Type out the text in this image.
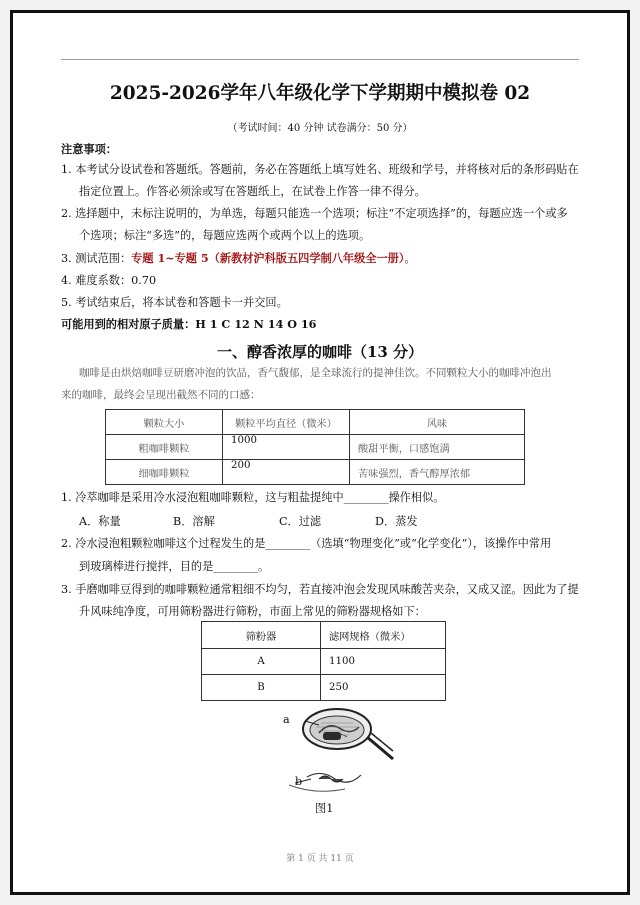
2025-2026学年八年级化学下学期期中模拟卷 02
（考试时间：40 分钟 试卷满分：50 分）
注意事项：
1. 本考试分设试卷和答题纸。答题前，务必在答题纸上填写姓名、班级和学号，并将核对后的条形码贴在
指定位置上。作答必须涂或写在答题纸上，在试卷上作答一律不得分。
2. 选择题中，未标注说明的，为单选，每题只能选一个选项；标注“不定项选择”的，每题应选一个或多
个选项；标注“多选”的，每题应选两个或两个以上的选项。
3. 测试范围：专题 1~专题 5（新教材沪科版五四学制八年级全一册）。
4. 难度系数：0.70
5. 考试结束后，将本试卷和答题卡一并交回。
可能用到的相对原子质量：H 1 C 12 N 14 O 16
一、醇香浓厚的咖啡（13 分）
咖啡是由烘焙咖啡豆研磨冲泡的饮品，香气馥郁，是全球流行的提神佳饮。不同颗粒大小的咖啡冲泡出
来的咖啡，最终会呈现出截然不同的口感：
颗粒大小	颗粒平均直径（微米）	风味
粗咖啡颗粒	1000	酸甜平衡，口感饱满
细咖啡颗粒	200	苦味强烈，香气醇厚浓郁
1. 冷萃咖啡是采用冷水浸泡粗咖啡颗粒，这与粗盐提纯中________操作相似。
A．称量	B．溶解	C．过滤	D．蒸发
2. 冷水浸泡粗颗粒咖啡这个过程发生的是________（选填“物理变化”或“化学变化”），该操作中常用
到玻璃棒进行搅拌，目的是________。
3. 手磨咖啡豆得到的咖啡颗粒通常粗细不均匀，若直接冲泡会发现风味酸苦夹杂，又成又涩。因此为了提
升风味纯净度，可用筛粉器进行筛粉，市面上常见的筛粉器规格如下：
筛粉器	滤网规格（微米）
A	1100
B	250
a
b
图1
第 1 页 共 11 页
